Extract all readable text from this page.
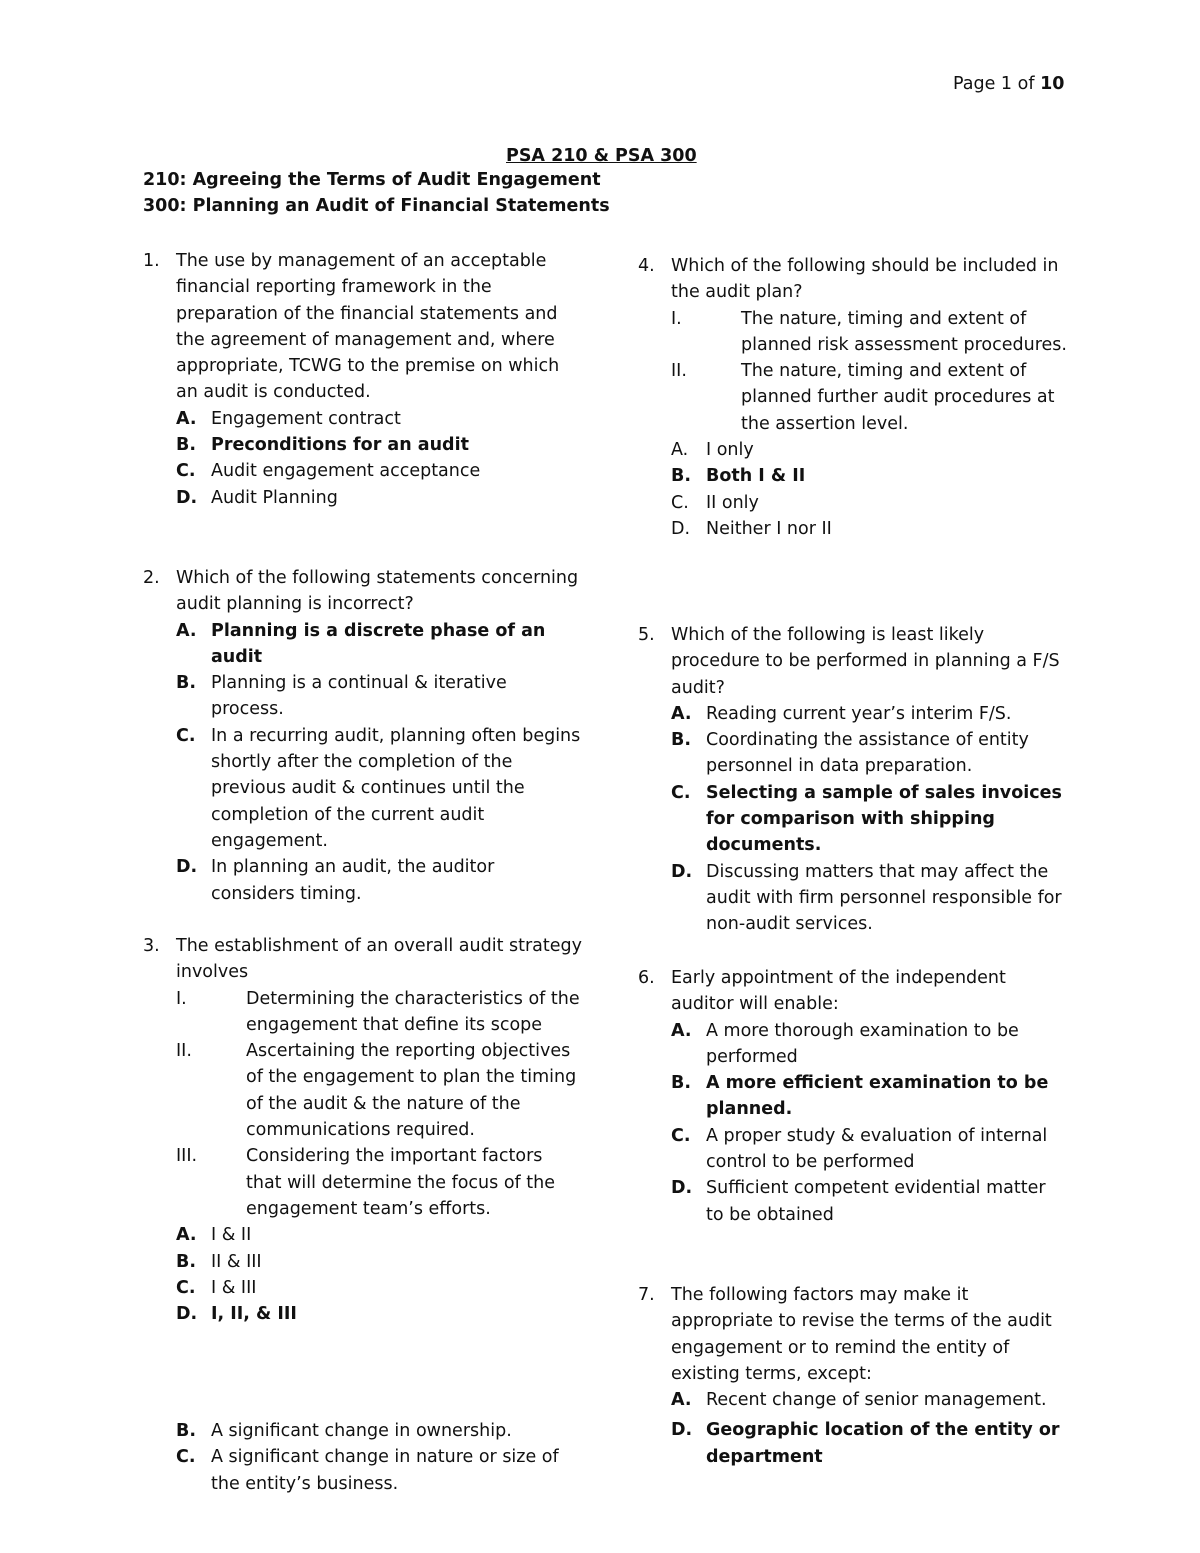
Page 1 of 10
PSA 210 & PSA 300
210: Agreeing the Terms of Audit Engagement
300: Planning an Audit of Financial Statements
1. The use by management of an acceptable financial reporting framework in the preparation of the financial statements and the agreement of management and, where appropriate, TCWG to the premise on which an audit is conducted.
A. Engagement contract
B. Preconditions for an audit
C. Audit engagement acceptance
D. Audit Planning
2. Which of the following statements concerning audit planning is incorrect?
A. Planning is a discrete phase of an audit
B. Planning is a continual & iterative process.
C. In a recurring audit, planning often begins shortly after the completion of the previous audit & continues until the completion of the current audit engagement.
D. In planning an audit, the auditor considers timing.
3. The establishment of an overall audit strategy involves
I.	Determining the characteristics of the engagement that define its scope
II.	Ascertaining the reporting objectives of the engagement to plan the timing of the audit & the nature of the communications required.
III.	Considering the important factors that will determine the focus of the engagement team’s efforts.
A. I & II
B. II & III
C. I & III
D. I, II, & III
B. A significant change in ownership.
C. A significant change in nature or size of the entity’s business.
4. Which of the following should be included in the audit plan?
I.	The nature, timing and extent of planned risk assessment procedures.
II.	The nature, timing and extent of planned further audit procedures at the assertion level.
A. I only
B. Both I & II
C. II only
D. Neither I nor II
5. Which of the following is least likely procedure to be performed in planning a F/S audit?
A. Reading current year’s interim F/S.
B. Coordinating the assistance of entity personnel in data preparation.
C. Selecting a sample of sales invoices for comparison with shipping documents.
D. Discussing matters that may affect the audit with firm personnel responsible for non-audit services.
6. Early appointment of the independent auditor will enable:
A. A more thorough examination to be performed
B. A more efficient examination to be planned.
C. A proper study & evaluation of internal control to be performed
D. Sufficient competent evidential matter to be obtained
7. The following factors may make it appropriate to revise the terms of the audit engagement or to remind the entity of existing terms, except:
A. Recent change of senior management.
D. Geographic location of the entity or department
